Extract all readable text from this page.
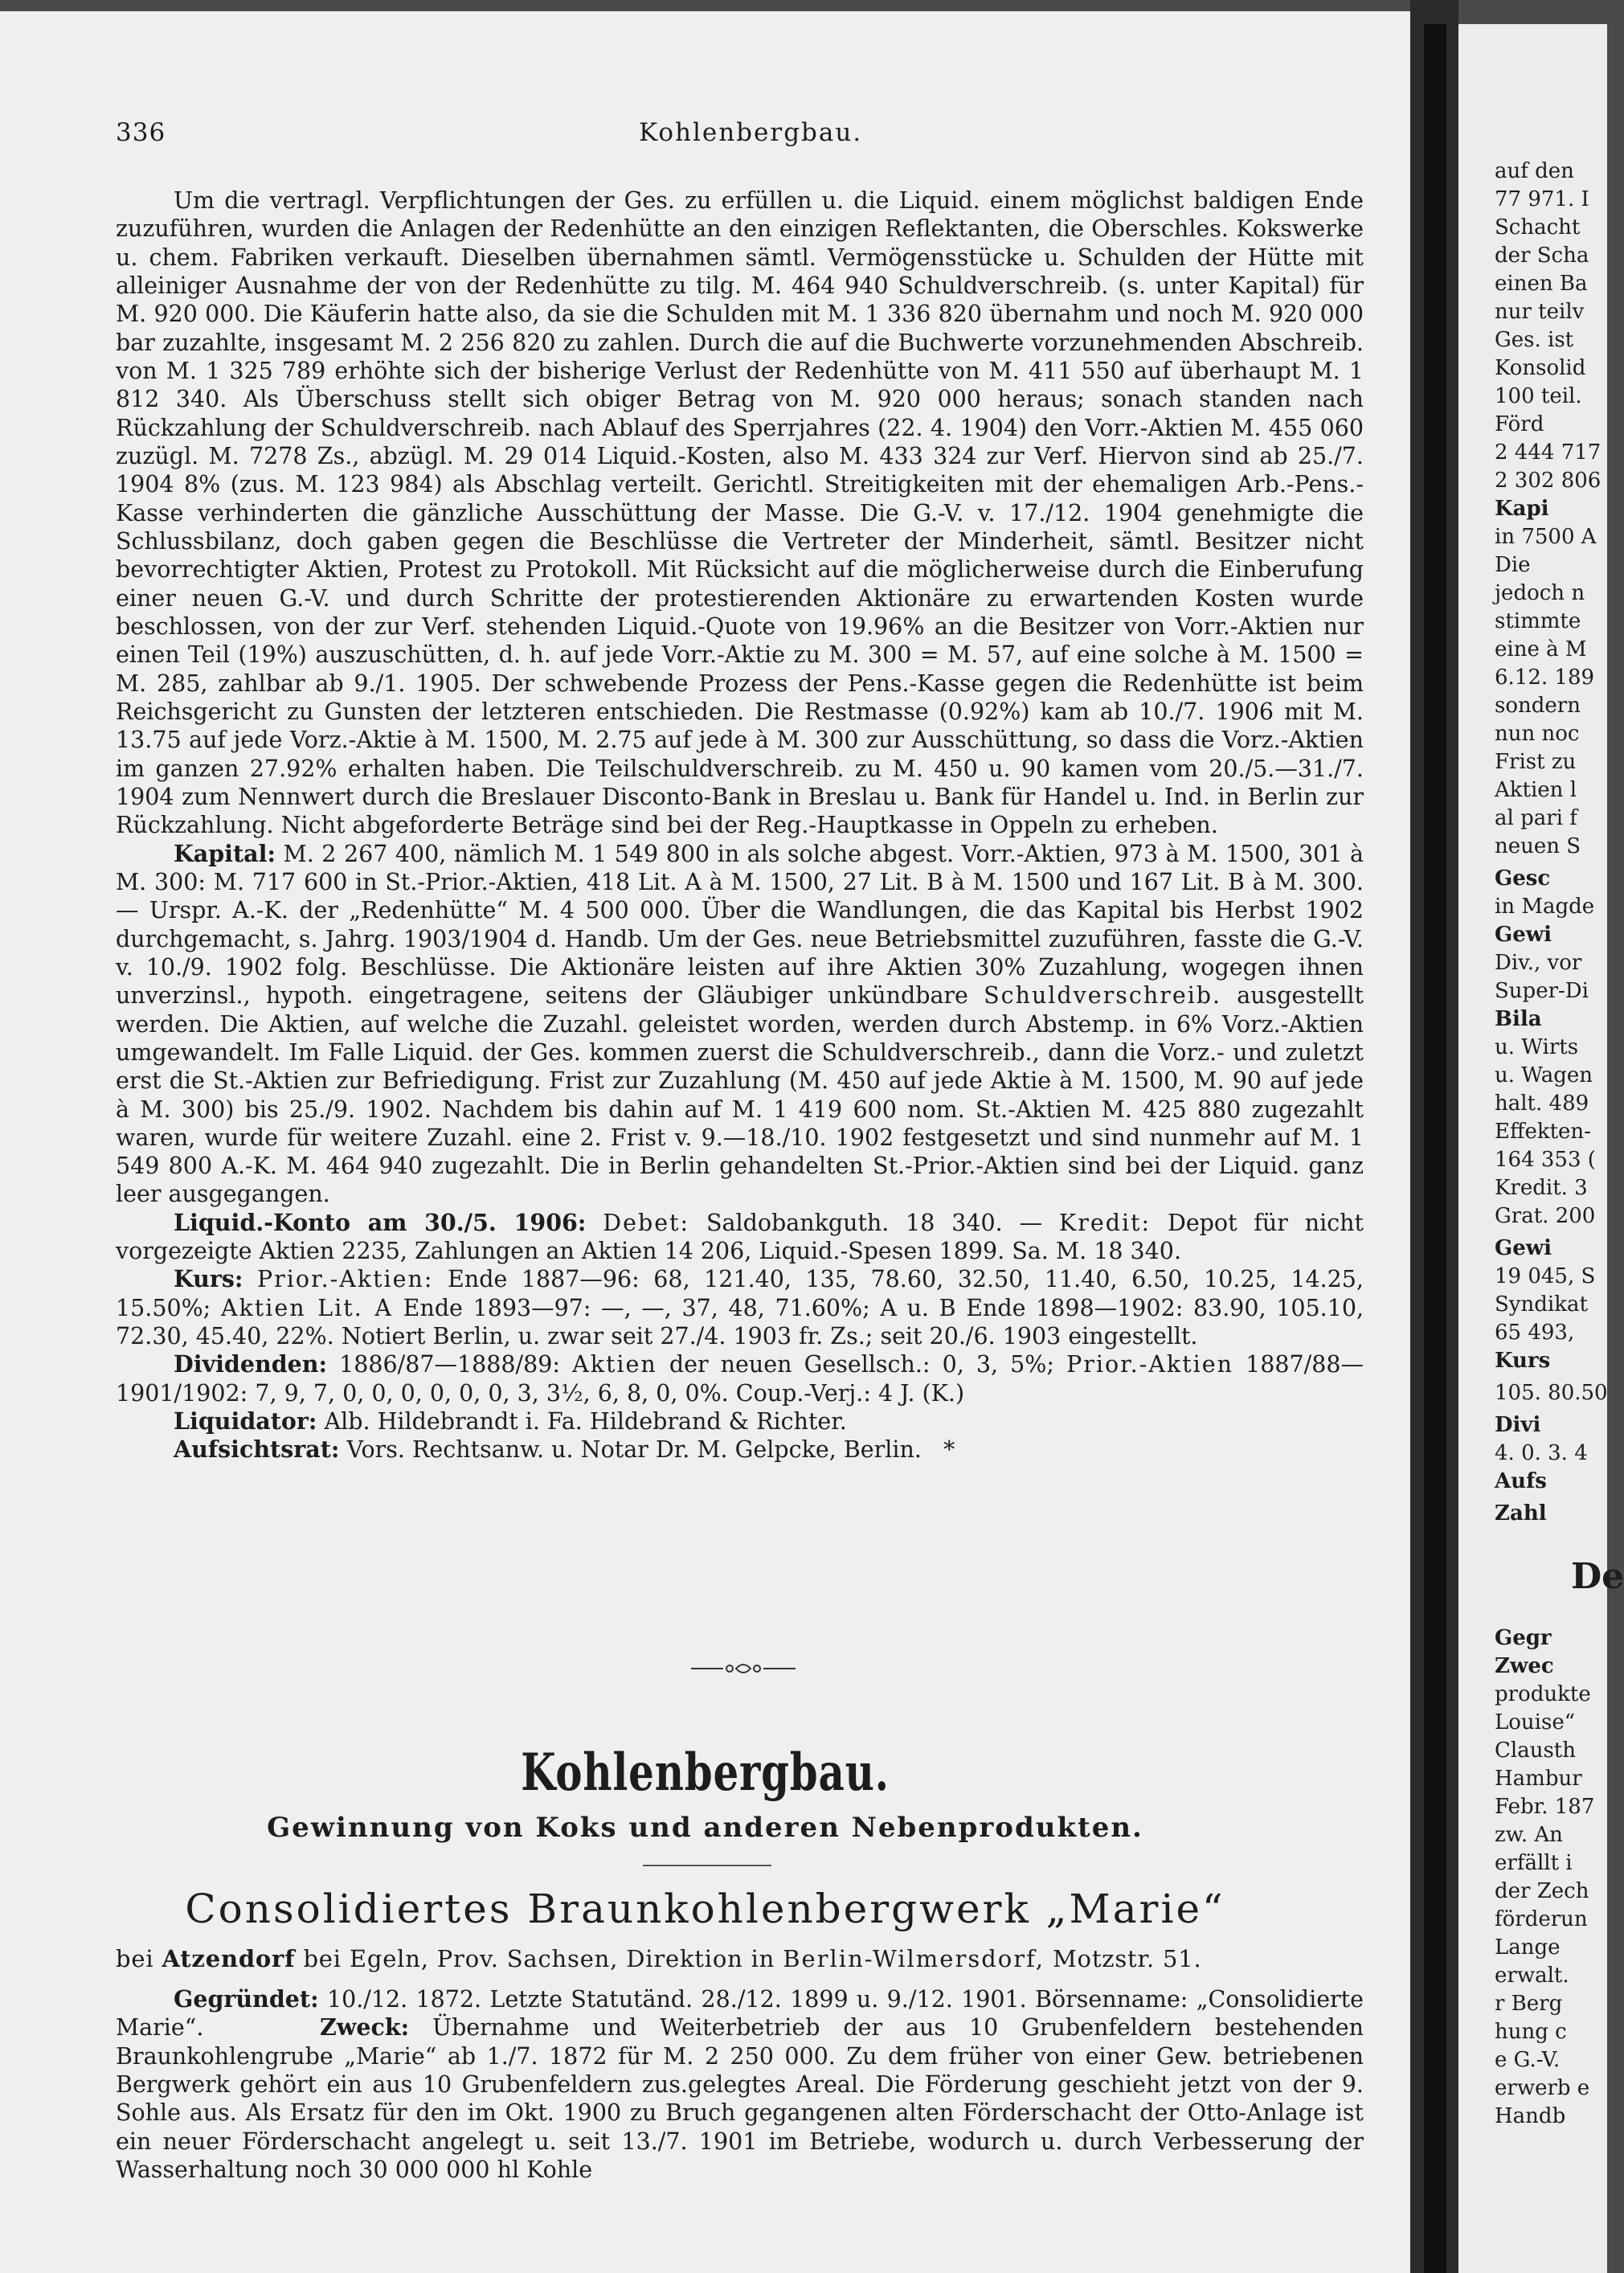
336	Kohlenbergbau.

Um die vertragl. Verpflichtungen der Ges. zu erfüllen u. die Liquid. einem möglichst baldigen Ende zuzuführen, wurden die Anlagen der Redenhütte an den einzigen Reflektanten, die Oberschles. Kokswerke u. chem. Fabriken verkauft. Dieselben übernahmen sämtl. Vermögensstücke u. Schulden der Hütte mit alleiniger Ausnahme der von der Redenhütte zu tilg. M. 464 940 Schuldverschreib. (s. unter Kapital) für M. 920 000. Die Käuferin hatte also, da sie die Schulden mit M. 1 336 820 übernahm und noch M. 920 000 bar zuzahlte, insgesamt M. 2 256 820 zu zahlen. Durch die auf die Buchwerte vorzunehmenden Abschreib. von M. 1 325 789 erhöhte sich der bisherige Verlust der Redenhütte von M. 411 550 auf überhaupt M. 1 812 340. Als Überschuss stellt sich obiger Betrag von M. 920 000 heraus; sonach standen nach Rückzahlung der Schuldverschreib. nach Ablauf des Sperrjahres (22. 4. 1904) den Vorr.-Aktien M. 455 060 zuzügl. M. 7278 Zs., abzügl. M. 29 014 Liquid.-Kosten, also M. 433 324 zur Verf. Hiervon sind ab 25./7. 1904 8% (zus. M. 123 984) als Abschlag verteilt. Gerichtl. Streitigkeiten mit der ehemaligen Arb.-Pens.-Kasse verhinderten die gänzliche Ausschüttung der Masse. Die G.-V. v. 17./12. 1904 genehmigte die Schlussbilanz, doch gaben gegen die Beschlüsse die Vertreter der Minderheit, sämtl. Besitzer nicht bevorrechtigter Aktien, Protest zu Protokoll. Mit Rücksicht auf die möglicherweise durch die Einberufung einer neuen G.-V. und durch Schritte der protestierenden Aktionäre zu erwartenden Kosten wurde beschlossen, von der zur Verf. stehenden Liquid.-Quote von 19.96% an die Besitzer von Vorr.-Aktien nur einen Teil (19%) auszuschütten, d. h. auf jede Vorr.-Aktie zu M. 300 = M. 57, auf eine solche à M. 1500 = M. 285, zahlbar ab 9./1. 1905. Der schwebende Prozess der Pens.-Kasse gegen die Redenhütte ist beim Reichsgericht zu Gunsten der letzteren entschieden. Die Restmasse (0.92%) kam ab 10./7. 1906 mit M. 13.75 auf jede Vorz.-Aktie à M. 1500, M. 2.75 auf jede à M. 300 zur Ausschüttung, so dass die Vorz.-Aktien im ganzen 27.92% erhalten haben. Die Teilschuldverschreib. zu M. 450 u. 90 kamen vom 20./5.—31./7. 1904 zum Nennwert durch die Breslauer Disconto-Bank in Breslau u. Bank für Handel u. Ind. in Berlin zur Rückzahlung. Nicht abgeforderte Beträge sind bei der Reg.-Hauptkasse in Oppeln zu erheben.

Kapital: M. 2 267 400, nämlich M. 1 549 800 in als solche abgest. Vorr.-Aktien, 973 à M. 1500, 301 à M. 300: M. 717 600 in St.-Prior.-Aktien, 418 Lit. A à M. 1500, 27 Lit. B à M. 1500 und 167 Lit. B à M. 300. — Urspr. A.-K. der „Redenhütte“ M. 4 500 000. Über die Wandlungen, die das Kapital bis Herbst 1902 durchgemacht, s. Jahrg. 1903/1904 d. Handb. Um der Ges. neue Betriebsmittel zuzuführen, fasste die G.-V. v. 10./9. 1902 folg. Beschlüsse. Die Aktionäre leisten auf ihre Aktien 30% Zuzahlung, wogegen ihnen unverzinsl., hypoth. eingetragene, seitens der Gläubiger unkündbare Schuldverschreib. ausgestellt werden. Die Aktien, auf welche die Zuzahl. geleistet worden, werden durch Abstemp. in 6% Vorz.-Aktien umgewandelt. Im Falle Liquid. der Ges. kommen zuerst die Schuldverschreib., dann die Vorz.- und zuletzt erst die St.-Aktien zur Befriedigung. Frist zur Zuzahlung (M. 450 auf jede Aktie à M. 1500, M. 90 auf jede à M. 300) bis 25./9. 1902. Nachdem bis dahin auf M. 1 419 600 nom. St.-Aktien M. 425 880 zugezahlt waren, wurde für weitere Zuzahl. eine 2. Frist v. 9.—18./10. 1902 festgesetzt und sind nunmehr auf M. 1 549 800 A.-K. M. 464 940 zugezahlt. Die in Berlin gehandelten St.-Prior.-Aktien sind bei der Liquid. ganz leer ausgegangen.

Liquid.-Konto am 30./5. 1906: Debet: Saldobankguth. 18 340. — Kredit: Depot für nicht vorgezeigte Aktien 2235, Zahlungen an Aktien 14 206, Liquid.-Spesen 1899. Sa. M. 18 340.

Kurs: Prior.-Aktien: Ende 1887—96: 68, 121.40, 135, 78.60, 32.50, 11.40, 6.50, 10.25, 14.25, 15.50%; Aktien Lit. A Ende 1893—97: —, —, 37, 48, 71.60%; A u. B Ende 1898—1902: 83.90, 105.10, 72.30, 45.40, 22%. Notiert Berlin, u. zwar seit 27./4. 1903 fr. Zs.; seit 20./6. 1903 eingestellt.

Dividenden: 1886/87—1888/89: Aktien der neuen Gesellsch.: 0, 3, 5%; Prior.-Aktien 1887/88—1901/1902: 7, 9, 7, 0, 0, 0, 0, 0, 0, 3, 3½, 6, 8, 0, 0%. Coup.-Verj.: 4 J. (K.)

Liquidator: Alb. Hildebrandt i. Fa. Hildebrand & Richter.

Aufsichtsrat: Vors. Rechtsanw. u. Notar Dr. M. Gelpcke, Berlin. *

Kohlenbergbau.
Gewinnung von Koks und anderen Nebenprodukten.
Consolidiertes Braunkohlenbergwerk „Marie“
bei Atzendorf bei Egeln, Prov. Sachsen, Direktion in Berlin-Wilmersdorf, Motzstr. 51.

Gegründet: 10./12. 1872. Letzte Statutänd. 28./12. 1899 u. 9./12. 1901. Börsenname: „Consolidierte Marie“.	Zweck: Übernahme und Weiterbetrieb der aus 10 Grubenfeldern bestehenden Braunkohlengrube „Marie“ ab 1./7. 1872 für M. 2 250 000. Zu dem früher von einer Gew. betriebenen Bergwerk gehört ein aus 10 Grubenfeldern zus.gelegtes Areal. Die Förderung geschieht jetzt von der 9. Sohle aus. Als Ersatz für den im Okt. 1900 zu Bruch gegangenen alten Förderschacht der Otto-Anlage ist ein neuer Förderschacht angelegt u. seit 13./7. 1901 im Betriebe, wodurch u. durch Verbesserung der Wasserhaltung noch 30 000 000 hl Kohle

auf den
77 971. I
Schacht
der Scha
einen Ba
nur teilv
Ges. ist
Konsolid
100 teil.
Förd
2 444 717
2 302 806
Kapi
in 7500 A
Die
jedoch n
stimmte
eine à M
6.12. 189
sondern
nun noc
Frist zu
Aktien l
al pari f
neuen S
Gesc
in Magde
Gewi
Div., vor
Super-Di
Bila
u. Wirts
u. Wagen
halt. 489
Effekten-
164 353 (
Kredit. 3
Grat. 200
Gewi
19 045, S
Syndikat
65 493,
Kurs
105. 80.50
Divi
4. 0. 3. 4
Aufs
Zahl
De
Gegr
Zwec
produkte
Louise“
Clausth
Hambur
Febr. 187
zw. An
erfällt i
der Zech
förderun
Lange
erwalt.
r Berg
hung c
e G.-V.
erwerb e
Handb
